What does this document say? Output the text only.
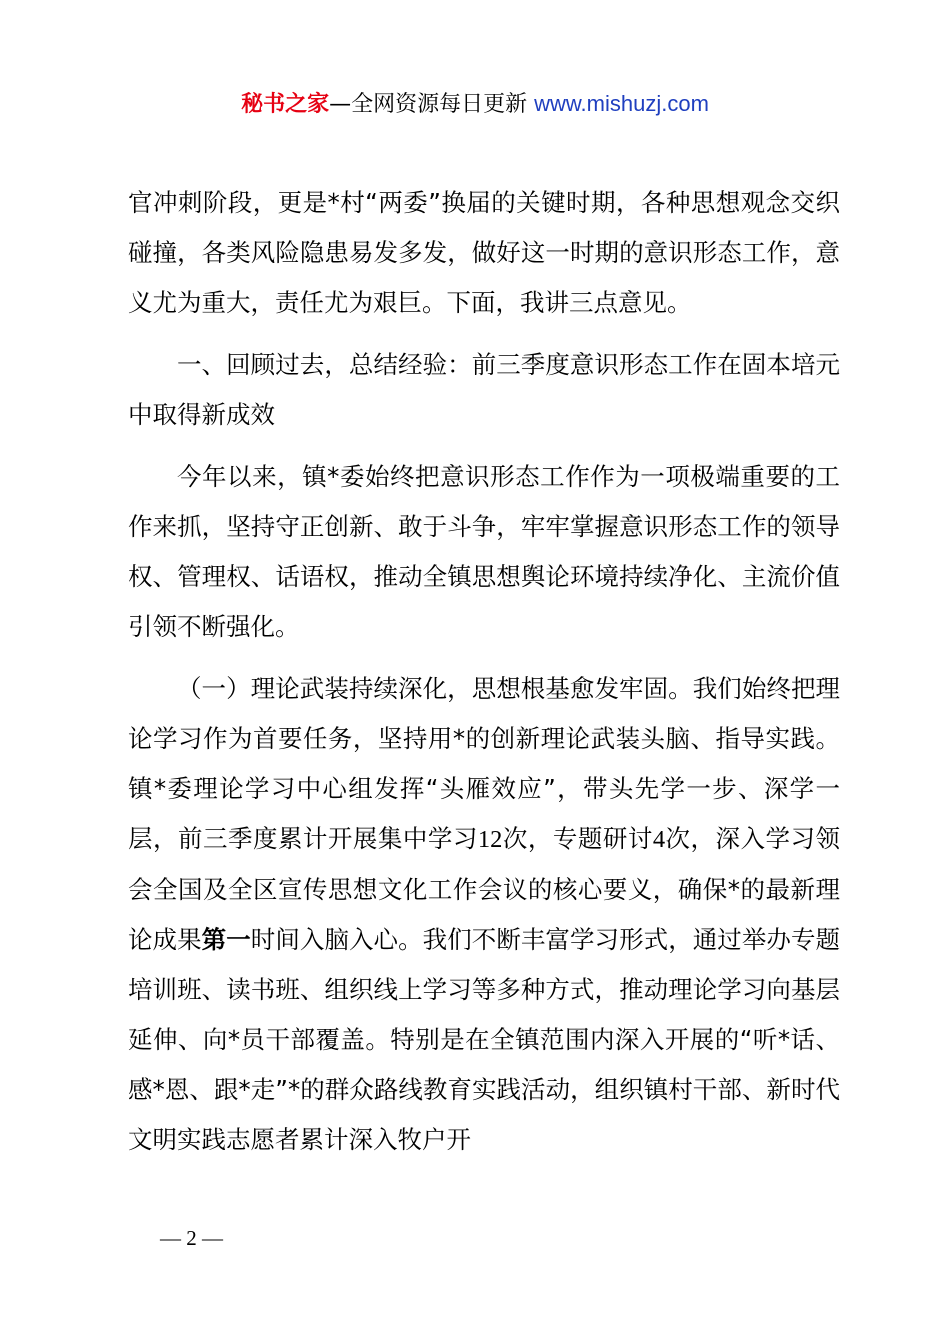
秘书之家—全网资源每日更新 www.mishuzj.com

官冲刺阶段，更是*村“两委”换届的关键时期，各种思想观念交织碰撞，各类风险隐患易发多发，做好这一时期的意识形态工作，意义尤为重大，责任尤为艰巨。下面，我讲三点意见。

一、回顾过去，总结经验：前三季度意识形态工作在固本培元中取得新成效

今年以来，镇*委始终把意识形态工作作为一项极端重要的工作来抓，坚持守正创新、敢于斗争，牢牢掌握意识形态工作的领导权、管理权、话语权，推动全镇思想舆论环境持续净化、主流价值引领不断强化。

（一）理论武装持续深化，思想根基愈发牢固。我们始终把理论学习作为首要任务，坚持用*的创新理论武装头脑、指导实践。镇*委理论学习中心组发挥“头雁效应”，带头先学一步、深学一层，前三季度累计开展集中学习12次，专题研讨4次，深入学习领会全国及全区宣传思想文化工作会议的核心要义，确保*的最新理论成果第一时间入脑入心。我们不断丰富学习形式，通过举办专题培训班、读书班、组织线上学习等多种方式，推动理论学习向基层延伸、向*员干部覆盖。特别是在全镇范围内深入开展的“听*话、感*恩、跟*走”*的群众路线教育实践活动，组织镇村干部、新时代文明实践志愿者累计深入牧户开

— 2 —
